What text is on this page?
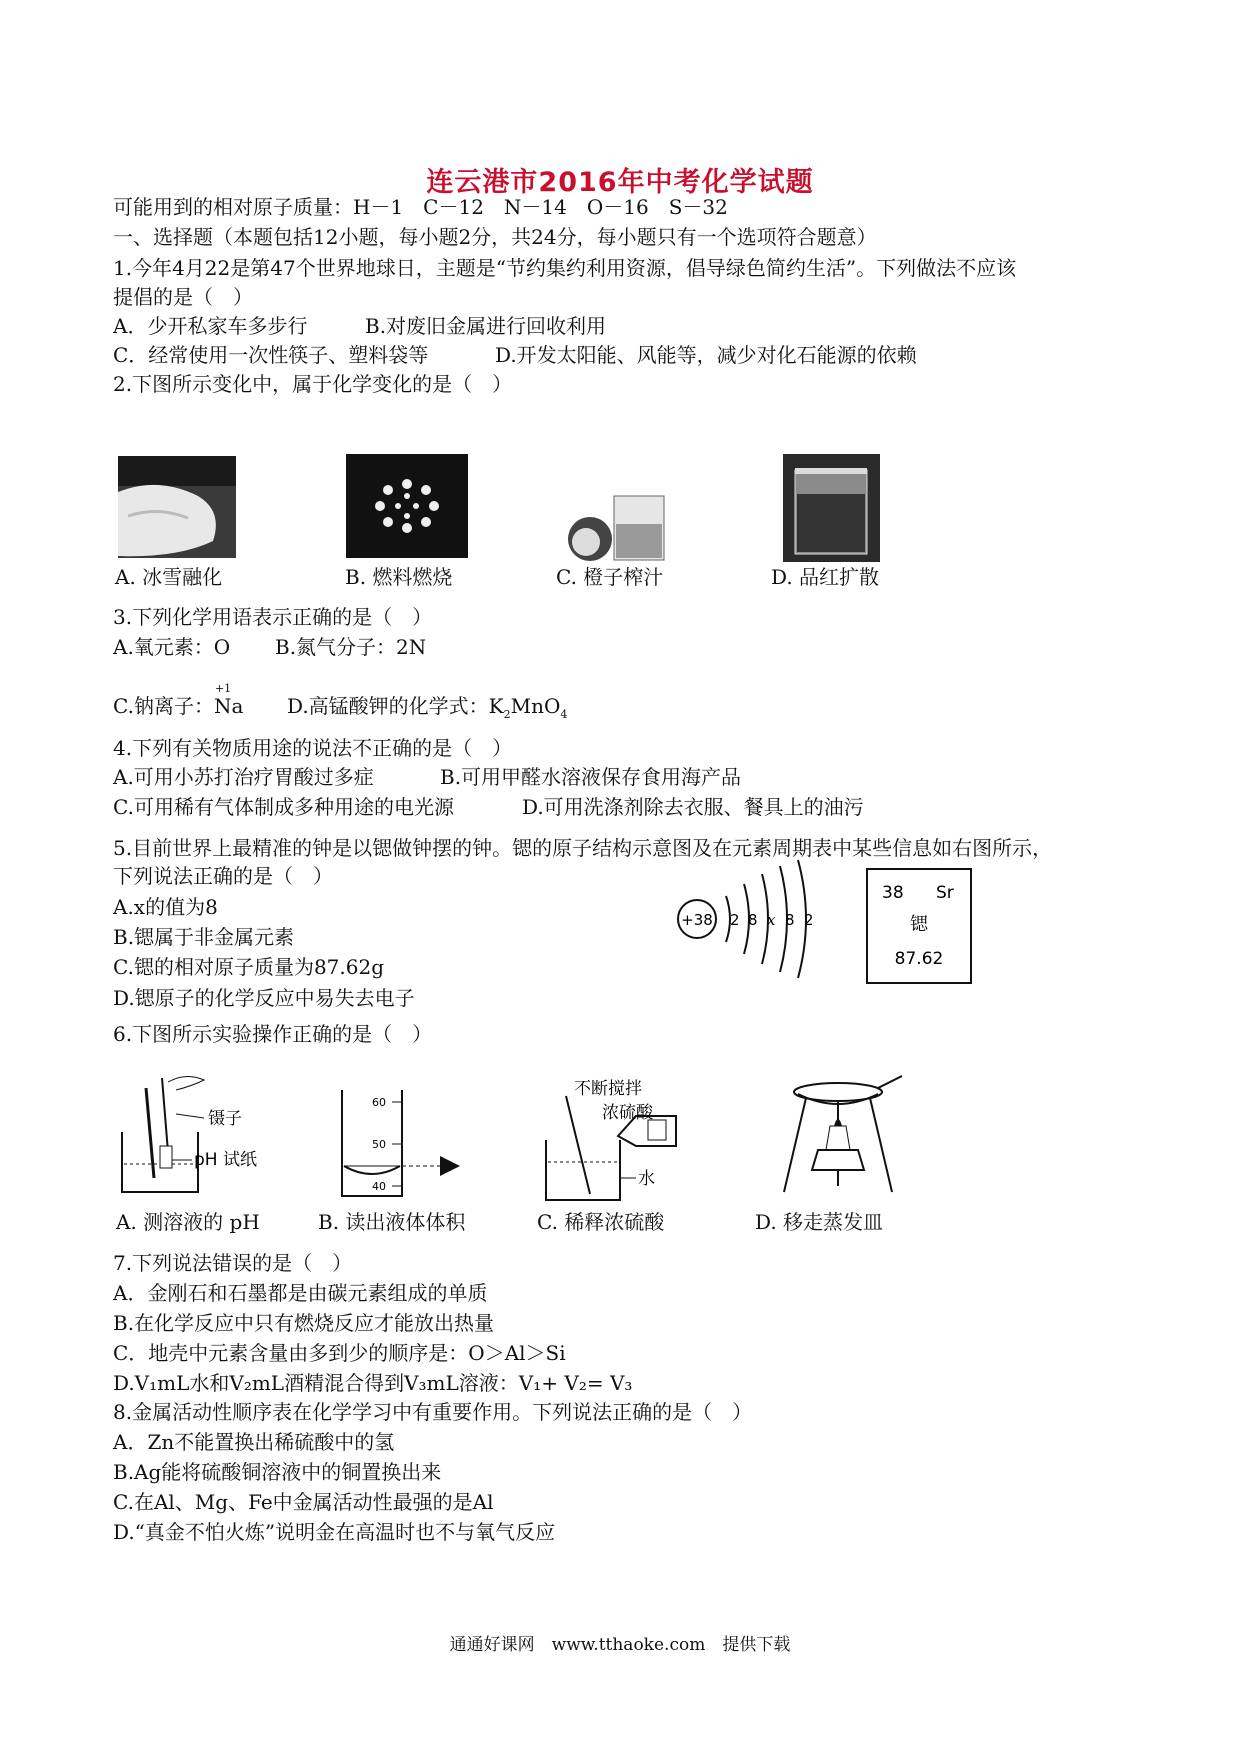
连云港市2016年中考化学试题
可能用到的相对原子质量：H－1　C－12　N－14　O－16　S－32
一、选择题（本题包括12小题，每小题2分，共24分，每小题只有一个选项符合题意）
1.今年4月22是第47个世界地球日，主题是“节约集约利用资源，倡导绿色简约生活”。下列做法不应该
提倡的是（　）
A．少开私家车多步行	B.对废旧金属进行回收利用
C．经常使用一次性筷子、塑料袋等	D.开发太阳能、风能等，减少对化石能源的依赖
2.下图所示变化中，属于化学变化的是（　）
A. 冰雪融化	B. 燃料燃烧	C. 橙子榨汁	D. 品红扩散
3.下列化学用语表示正确的是（　）
A.氧元素：O B.氮气分子：2N
C.钠离子：
+1
Na D.高锰酸钾的化学式：$K_2MnO_4$
4.下列有关物质用途的说法不正确的是（　）
A.可用小苏打治疗胃酸过多症	B.可用甲醛水溶液保存食用海产品
C.可用稀有气体制成多种用途的电光源	D.可用洗涤剂除去衣服、餐具上的油污
5.目前世界上最精准的钟是以锶做钟摆的钟。锶的原子结构示意图及在元素周期表中某些信息如右图所示，
下列说法正确的是（　）
A.x的值为8
B.锶属于非金属元素
C.锶的相对原子质量为87.62g
D.锶原子的化学反应中易失去电子
+38 2 8 x 8 2
38 Sr
锶
87.62
6.下图所示实验操作正确的是（　）
镊子
pH 试纸
60
50
40
不断搅拌
浓硫酸
水
A. 测溶液的 pH	B. 读出液体体积	C. 稀释浓硫酸	D. 移走蒸发皿
7.下列说法错误的是（　）
A．金刚石和石墨都是由碳元素组成的单质
B.在化学反应中只有燃烧反应才能放出热量
C．地壳中元素含量由多到少的顺序是：O＞Al＞Si
D.V₁mL水和V₂mL酒精混合得到V₃mL溶液：V₁+ V₂= V₃
8.金属活动性顺序表在化学学习中有重要作用。下列说法正确的是（　）
A．Zn不能置换出稀硫酸中的氢
B.Ag能将硫酸铜溶液中的铜置换出来
C.在Al、Mg、Fe中金属活动性最强的是Al
D.“真金不怕火炼”说明金在高温时也不与氧气反应
通通好课网　www.tthaoke.com　提供下载
